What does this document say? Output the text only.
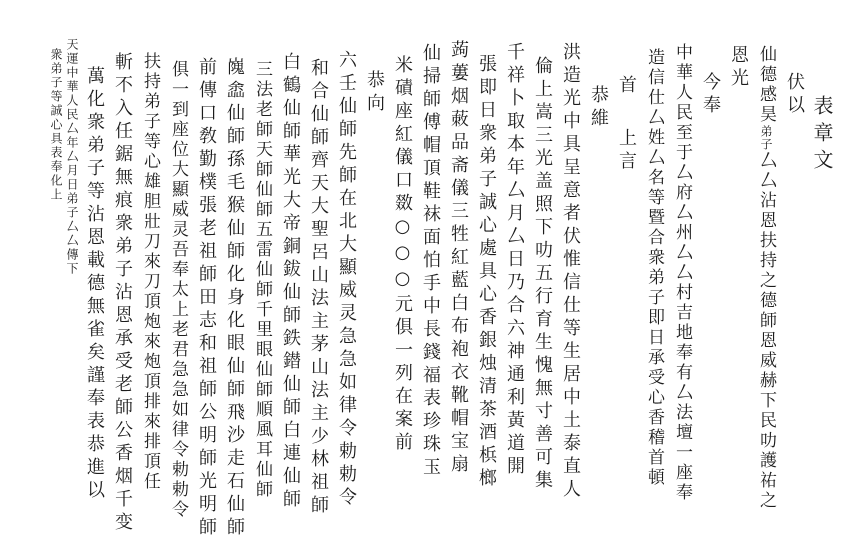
表章文
伏以
仙德感昊弟子厶厶沾恩扶持之德師恩威赫下民叻護祐之
恩光
今奉
中華人民至于厶府厶州厶厶村吉地奉有厶法壇一座奉
造信仕厶姓厶名等暨合衆弟子即日承受心香稽首頓
首上言
恭維
洪造光中具呈意者伏惟信仕等生居中土泰直人
倫上嵩三光盖照下叻五行育生愧無寸善可集
千祥卜取本年厶月厶日乃合六神通利黃道開
張即日衆弟子誠心處具心香銀烛清茶酒梹榔
蒟蔞烟蓛品斋儀三牲紅藍白布袍衣靴帽宝扇
仙掃師傅帽頂鞋袜面怕手中長錢福表珍珠玉
米磧座紅儀口敪○○○元俱一列在案前
恭向
六壬仙師先師在北大顯威灵急急如律令勅勅令
和合仙師齊天大聖呂山法主茅山法主少林祖師
白鶴仙師華光大帝銅鈸仙師鉄鐟仙師白連仙師
三法老師天師仙師五雷仙師千里眼仙師順風耳仙師
㠕嵞仙師孫毛猴仙師化身化眼仙師飛沙走石仙師
前傳口敎勤樸張老祖師田志和祖師公明師光明師
俱一到座位大顯威灵吾奉太上老君急急如律令勅勅令
扶持弟子等心雄胆壯刀來刀頂炮來炮頂排來排頂任
斬不入任鋸無痕衆弟子沾恩承受老師公香烟千变
萬化衆弟子等沾恩載德無雀矣謹奉表恭進以
天運中華人民厶年厶月日弟子厶厶傳下
衆弟子等誠心具表奉化上
